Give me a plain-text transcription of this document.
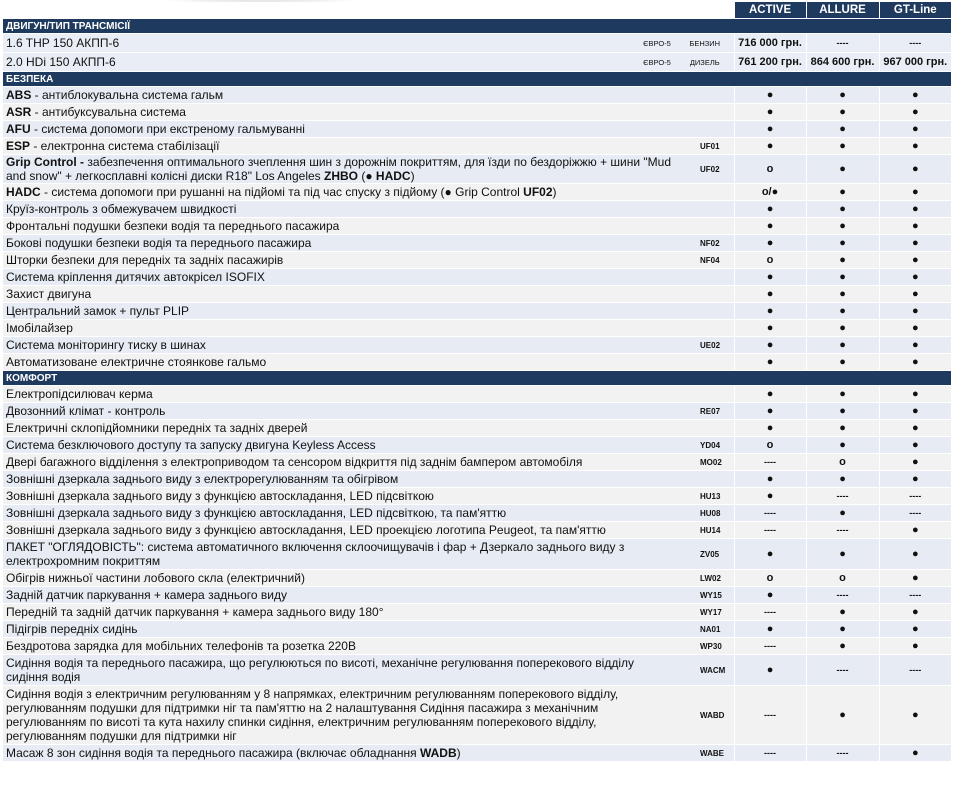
			ACTIVE	ALLURE	GT-Line
ДВИГУН/ТИП ТРАНСМІСІЇ					
1.6 THP 150 АКПП-6	ЄВРО-5	БЕНЗИН	716 000 грн.	----	----
2.0 HDi 150 АКПП-6	ЄВРО-5	ДИЗЕЛЬ	761 200 грн.	864 600 грн.	967 000 грн.
БЕЗПЕКА					
ABS - антиблокувальна система гальм			●	●	●
ASR - антибуксувальна система			●	●	●
AFU - система допомоги при екстреному гальмуванні			●	●	●
ESP - електронна система стабілізації		UF01	●	●	●
Grip Control - забезпечення оптимального зчеплення шин з дорожнім покриттям, для їзди по бездоріжжю + шини "Mud and snow" + легкосплавні колісні диски R18" Los Angeles ZHBO (● HADC)		UF02	o	●	●
HADC - система допомоги при рушанні на підйомі та під час спуску з підйому (● Grip Control UF02)			o/●	●	●
Круїз-контроль з обмежувачем швидкості			●	●	●
Фронтальні подушки безпеки водія та переднього пасажира			●	●	●
Бокові подушки безпеки водія та переднього пасажира		NF02	●	●	●
Шторки безпеки для передніх та задніх пасажирів		NF04	o	●	●
Система кріплення дитячих автокрісел ISOFIX			●	●	●
Захист двигуна			●	●	●
Центральний замок + пульт PLIP			●	●	●
Імобілайзер			●	●	●
Система моніторингу тиску в шинах		UE02	●	●	●
Автоматизоване електричне стоянкове гальмо			●	●	●
КОМФОРТ					
Електропідсилювач керма			●	●	●
Двозонний клімат - контроль		RE07	●	●	●
Електричні склопідйомники передніх та задніх дверей			●	●	●
Система безключового доступу та запуску двигуна Keyless Access		YD04	o	●	●
Двері багажного відділення з електроприводом та сенсором відкриття під заднім бампером автомобіля		MO02	----	o	●
Зовнішні дзеркала заднього виду з електрорегулюванням та обігрівом			●	●	●
Зовнішні дзеркала заднього виду з функцією автоскладання, LED підсвіткою		HU13	●	----	----
Зовнішні дзеркала заднього виду з функцією автоскладання, LED підсвіткою, та пам'яттю		HU08	----	●	----
Зовнішні дзеркала заднього виду з функцією автоскладання, LED проекцією логотипа Peugeot, та пам'яттю		HU14	----	----	●
ПАКЕТ "ОГЛЯДОВІСТЬ": система автоматичного включення склоочищувачів і фар + Дзеркало заднього виду з електрохромним покриттям		ZV05	●	●	●
Обігрів нижньої частини лобового скла (електричний)		LW02	o	o	●
Задній датчик паркування + камера заднього виду		WY15	●	----	----
Передній та задній датчик паркування + камера заднього виду 180°		WY17	----	●	●
Підігрів передніх сидінь		NA01	●	●	●
Бездротова зарядка для мобільних телефонів та розетка 220В		WP30	----	●	●
Сидіння водія та переднього пасажира, що регулюються по висоті, механічне регулювання поперекового відділу сидіння водія		WACM	●	----	----
Сидіння водія з електричним регулюванням у 8 напрямках, електричним регулюванням поперекового відділу, регулюванням подушки для підтримки ніг та пам'яттю на 2 налаштування Сидіння пасажира з механічним регулюванням по висоті та кута нахилу спинки сидіння, електричним регулюванням поперекового відділу, регулюванням подушки для підтримки ніг		WABD	----	●	●
Масаж 8 зон сидіння водія та переднього пасажира (включає обладнання WADB)		WABE	----	----	●
